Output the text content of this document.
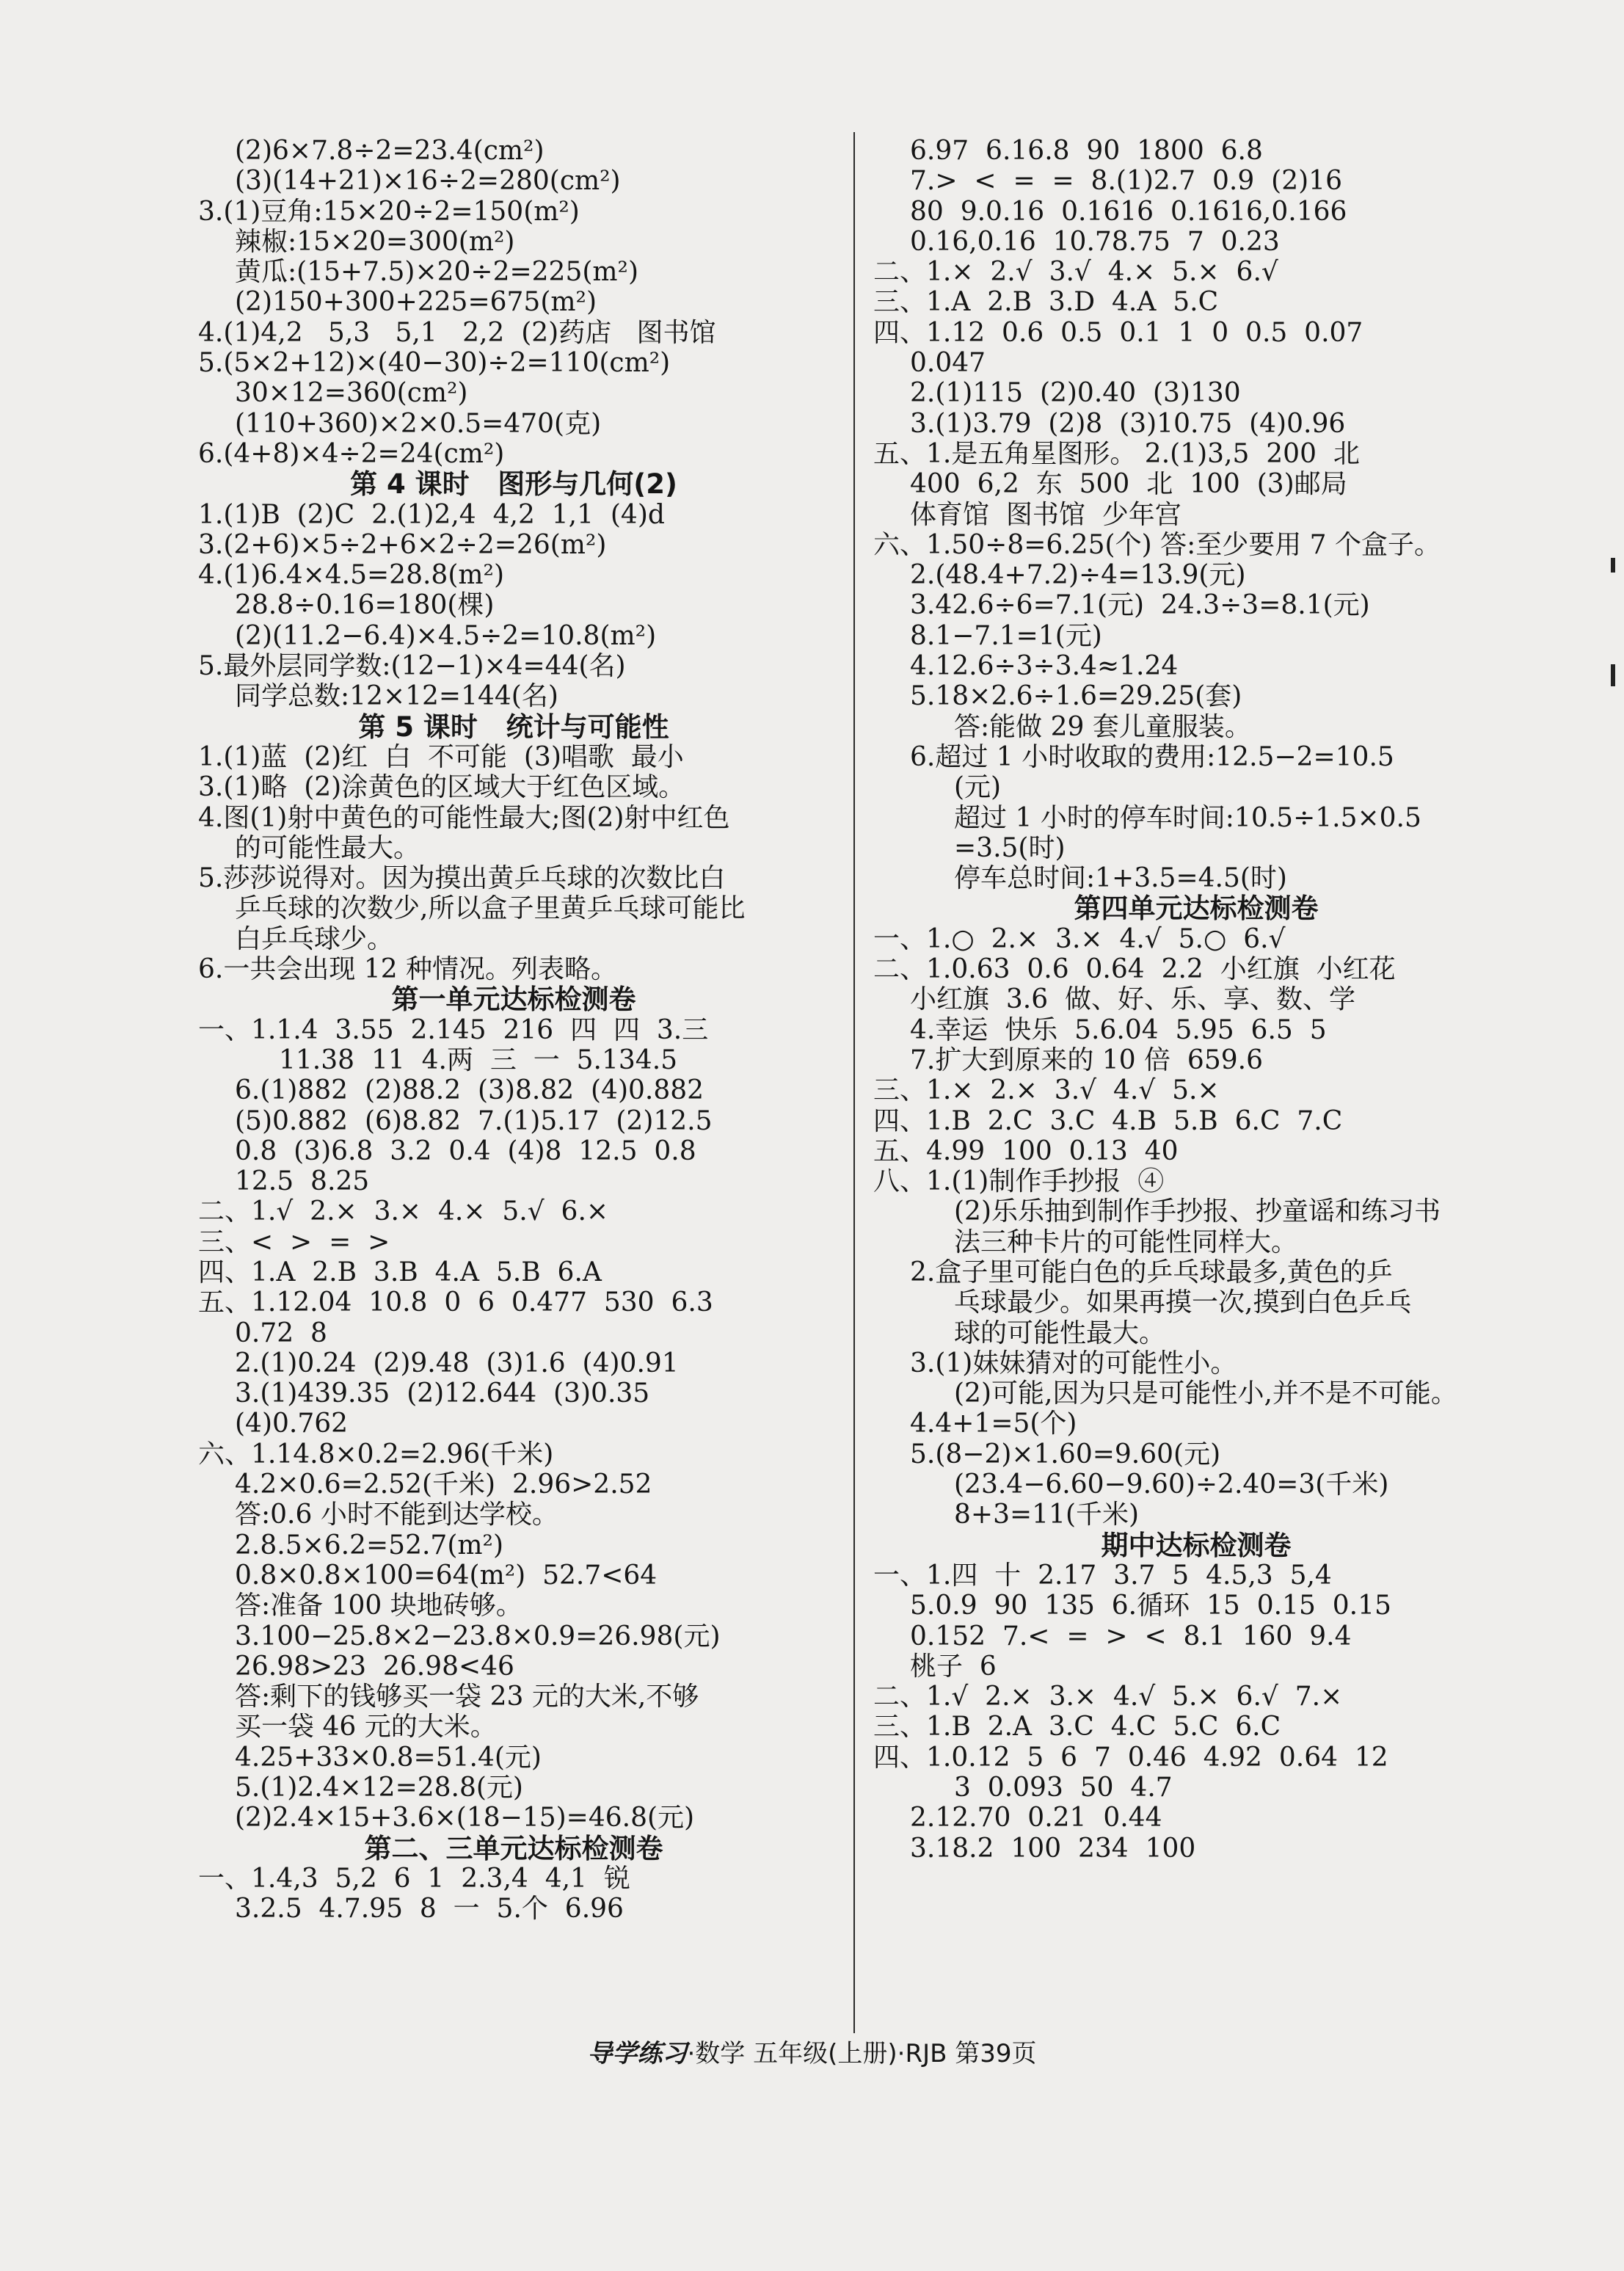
(2)6×7.8÷2=23.4(cm²)
(3)(14+21)×16÷2=280(cm²)
3.(1)豆角:15×20÷2=150(m²)
辣椒:15×20=300(m²)
黄瓜:(15+7.5)×20÷2=225(m²)
(2)150+300+225=675(m²)
4.(1)4,2   5,3   5,1   2,2  (2)药店   图书馆
5.(5×2+12)×(40−30)÷2=110(cm²)
30×12=360(cm²)
(110+360)×2×0.5=470(克)
6.(4+8)×4÷2=24(cm²)
第 4 课时   图形与几何(2)
1.(1)B  (2)C  2.(1)2,4  4,2  1,1  (4)d
3.(2+6)×5÷2+6×2÷2=26(m²)
4.(1)6.4×4.5=28.8(m²)
28.8÷0.16=180(棵)
(2)(11.2−6.4)×4.5÷2=10.8(m²)
5.最外层同学数:(12−1)×4=44(名)
同学总数:12×12=144(名)
第 5 课时   统计与可能性
1.(1)蓝  (2)红  白  不可能  (3)唱歌  最小
3.(1)略  (2)涂黄色的区域大于红色区域。
4.图(1)射中黄色的可能性最大;图(2)射中红色
的可能性最大。
5.莎莎说得对。因为摸出黄乒乓球的次数比白
乒乓球的次数少,所以盒子里黄乒乓球可能比
白乒乓球少。
6.一共会出现 12 种情况。列表略。
第一单元达标检测卷
一、1.1.4  3.55  2.145  216  四  四  3.三
11.38  11  4.两  三  一  5.134.5
6.(1)882  (2)88.2  (3)8.82  (4)0.882
(5)0.882  (6)8.82  7.(1)5.17  (2)12.5
0.8  (3)6.8  3.2  0.4  (4)8  12.5  0.8
12.5  8.25
二、1.√  2.×  3.×  4.×  5.√  6.×
三、<  >  =  >
四、1.A  2.B  3.B  4.A  5.B  6.A
五、1.12.04  10.8  0  6  0.477  530  6.3
0.72  8
2.(1)0.24  (2)9.48  (3)1.6  (4)0.91
3.(1)439.35  (2)12.644  (3)0.35
(4)0.762
六、1.14.8×0.2=2.96(千米)
4.2×0.6=2.52(千米)  2.96>2.52
答:0.6 小时不能到达学校。
2.8.5×6.2=52.7(m²)
0.8×0.8×100=64(m²)  52.7<64
答:准备 100 块地砖够。
3.100−25.8×2−23.8×0.9=26.98(元)
26.98>23  26.98<46
答:剩下的钱够买一袋 23 元的大米,不够
买一袋 46 元的大米。
4.25+33×0.8=51.4(元)
5.(1)2.4×12=28.8(元)
(2)2.4×15+3.6×(18−15)=46.8(元)
第二、三单元达标检测卷
一、1.4,3  5,2  6  1  2.3,4  4,1  锐
3.2.5  4.7.95  8  一  5.个  6.96
6.97  6.16.8  90  1800  6.8
7.>  <  =  =  8.(1)2.7  0.9  (2)16
80  9.0.16  0.1616  0.1616,0.166
0.16,0.16  10.78.75  7  0.23
二、1.×  2.√  3.√  4.×  5.×  6.√
三、1.A  2.B  3.D  4.A  5.C
四、1.12  0.6  0.5  0.1  1  0  0.5  0.07
0.047
2.(1)115  (2)0.40  (3)130
3.(1)3.79  (2)8  (3)10.75  (4)0.96
五、1.是五角星图形。 2.(1)3,5  200  北
400  6,2  东  500  北  100  (3)邮局
体育馆  图书馆  少年宫
六、1.50÷8=6.25(个) 答:至少要用 7 个盒子。
2.(48.4+7.2)÷4=13.9(元)
3.42.6÷6=7.1(元)  24.3÷3=8.1(元)
8.1−7.1=1(元)
4.12.6÷3÷3.4≈1.24
5.18×2.6÷1.6=29.25(套)
答:能做 29 套儿童服装。
6.超过 1 小时收取的费用:12.5−2=10.5
(元)
超过 1 小时的停车时间:10.5÷1.5×0.5
=3.5(时)
停车总时间:1+3.5=4.5(时)
第四单元达标检测卷
一、1.○  2.×  3.×  4.√  5.○  6.√
二、1.0.63  0.6  0.64  2.2  小红旗  小红花
小红旗  3.6  做、好、乐、享、数、学
4.幸运  快乐  5.6.04  5.95  6.5  5
7.扩大到原来的 10 倍  659.6
三、1.×  2.×  3.√  4.√  5.×
四、1.B  2.C  3.C  4.B  5.B  6.C  7.C
五、4.99  100  0.13  40
八、1.(1)制作手抄报  ④
(2)乐乐抽到制作手抄报、抄童谣和练习书
法三种卡片的可能性同样大。
2.盒子里可能白色的乒乓球最多,黄色的乒
乓球最少。如果再摸一次,摸到白色乒乓
球的可能性最大。
3.(1)妹妹猜对的可能性小。
(2)可能,因为只是可能性小,并不是不可能。
4.4+1=5(个)
5.(8−2)×1.60=9.60(元)
(23.4−6.60−9.60)÷2.40=3(千米)
8+3=11(千米)
期中达标检测卷
一、1.四  十  2.17  3.7  5  4.5,3  5,4
5.0.9  90  135  6.循环  15  0.15  0.15
0.152  7.<  =  >  <  8.1  160  9.4
桃子  6
二、1.√  2.×  3.×  4.√  5.×  6.√  7.×
三、1.B  2.A  3.C  4.C  5.C  6.C
四、1.0.12  5  6  7  0.46  4.92  0.64  12
3  0.093  50  4.7
2.12.70  0.21  0.44
3.18.2  100  234  100
导学练习·数学 五年级(上册)·RJB 第39页
